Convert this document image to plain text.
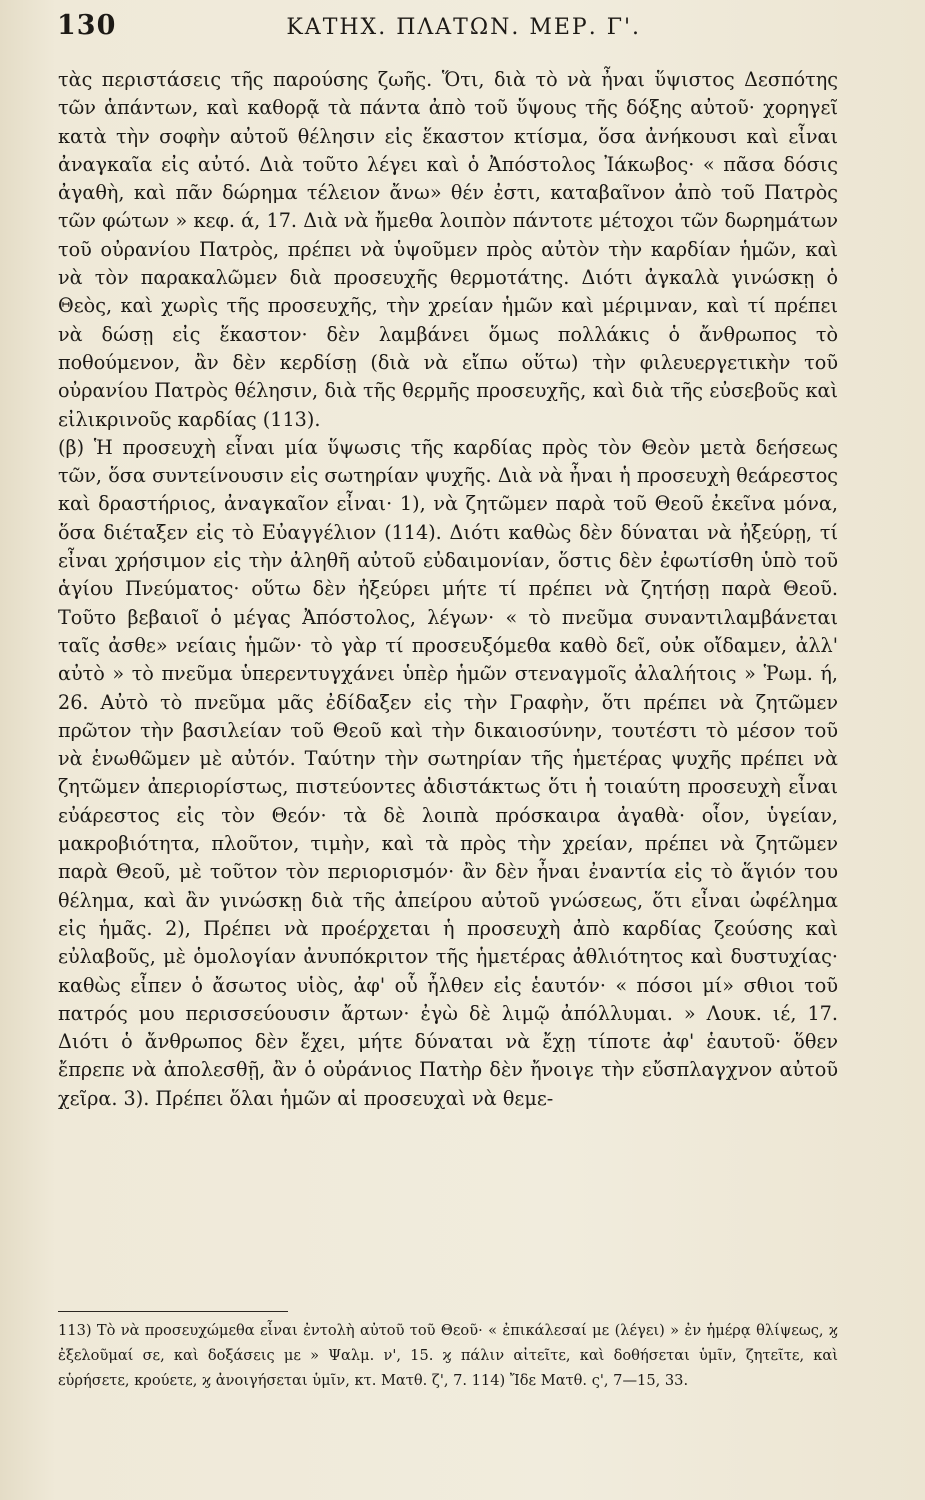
130	ΚΑΤΗΧ. ΠΛΑΤΩΝ. ΜΕΡ. Γ'.

τὰς περιστάσεις τῆς παρούσης ζωῆς. Ὅτι, διὰ τὸ νὰ ἦναι ὕψιστος Δεσπότης τῶν ἁπάντων, καὶ καθορᾷ τὰ πάντα ἀπὸ τοῦ ὕψους τῆς δόξης αὐτοῦ· χορηγεῖ κατὰ τὴν σοφὴν αὐτοῦ θέλησιν εἰς ἕκαστον κτίσμα, ὅσα ἀνήκουσι καὶ εἶναι ἀναγκαῖα εἰς αὐτό. Διὰ τοῦτο λέγει καὶ ὁ Ἀπόστολος Ἰάκωβος· « πᾶσα δόσις ἀγαθὴ, καὶ πᾶν δώρημα τέλειον ἄνω» θέν ἐστι, καταβαῖνον ἀπὸ τοῦ Πατρὸς τῶν φώτων » κεφ. ά, 17. Διὰ νὰ ἤμεθα λοιπὸν πάντοτε μέτοχοι τῶν δωρημάτων τοῦ οὐρανίου Πατρὸς, πρέπει νὰ ὑψοῦμεν πρὸς αὐτὸν τὴν καρδίαν ἡμῶν, καὶ νὰ τὸν παρακαλῶμεν διὰ προσευχῆς θερμοτάτης. Διότι ἀγκαλὰ γινώσκῃ ὁ Θεὸς, καὶ χωρὶς τῆς προσευχῆς, τὴν χρείαν ἡμῶν καὶ μέριμναν, καὶ τί πρέπει νὰ δώσῃ εἰς ἕκαστον· δὲν λαμβάνει ὅμως πολλάκις ὁ ἄνθρωπος τὸ ποθούμενον, ἂν δὲν κερδίσῃ (διὰ νὰ εἴπω οὕτω) τὴν φιλευεργετικὴν τοῦ οὐρανίου Πατρὸς θέλησιν, διὰ τῆς θερμῆς προσευχῆς, καὶ διὰ τῆς εὐσεβοῦς καὶ εἰλικρινοῦς καρδίας (113).

(β) Ἡ προσευχὴ εἶναι μία ὕψωσις τῆς καρδίας πρὸς τὸν Θεὸν μετὰ δεήσεως τῶν, ὅσα συντείνουσιν εἰς σωτηρίαν ψυχῆς. Διὰ νὰ ἦναι ἡ προσευχὴ θεάρεστος καὶ δραστήριος, ἀναγκαῖον εἶναι· 1), νὰ ζητῶμεν παρὰ τοῦ Θεοῦ ἐκεῖνα μόνα, ὅσα διέταξεν εἰς τὸ Εὐαγγέλιον (114). Διότι καθὼς δὲν δύναται νὰ ἠξεύρῃ, τί εἶναι χρήσιμον εἰς τὴν ἀληθῆ αὐτοῦ εὐδαιμονίαν, ὅστις δὲν ἐφωτίσθη ὑπὸ τοῦ ἁγίου Πνεύματος· οὕτω δὲν ἠξεύρει μήτε τί πρέπει νὰ ζητήσῃ παρὰ Θεοῦ. Τοῦτο βεβαιοῖ ὁ μέγας Ἀπόστολος, λέγων· « τὸ πνεῦμα συναντιλαμβάνεται ταῖς ἀσθε» νείαις ἡμῶν· τὸ γὰρ τί προσευξόμεθα καθὸ δεῖ, οὐκ οἴδαμεν, ἀλλ' αὐτὸ » τὸ πνεῦμα ὑπερεντυγχάνει ὑπὲρ ἡμῶν στεναγμοῖς ἀλαλήτοις » Ῥωμ. ή, 26. Αὐτὸ τὸ πνεῦμα μᾶς ἐδίδαξεν εἰς τὴν Γραφὴν, ὅτι πρέπει νὰ ζητῶμεν πρῶτον τὴν βασιλείαν τοῦ Θεοῦ καὶ τὴν δικαιοσύνην, τουτέστι τὸ μέσον τοῦ νὰ ἑνωθῶμεν μὲ αὐτόν. Ταύτην τὴν σωτηρίαν τῆς ἡμετέρας ψυχῆς πρέπει νὰ ζητῶμεν ἀπεριορίστως, πιστεύοντες ἀδιστάκτως ὅτι ἡ τοιαύτη προσευχὴ εἶναι εὐάρεστος εἰς τὸν Θεόν· τὰ δὲ λοιπὰ πρόσκαιρα ἀγαθὰ· οἷον, ὑγείαν, μακροβιότητα, πλοῦτον, τιμὴν, καὶ τὰ πρὸς τὴν χρείαν, πρέπει νὰ ζητῶμεν παρὰ Θεοῦ, μὲ τοῦτον τὸν περιορισμόν· ἂν δὲν ἦναι ἐναντία εἰς τὸ ἅγιόν του θέλημα, καὶ ἂν γινώσκῃ διὰ τῆς ἀπείρου αὐτοῦ γνώσεως, ὅτι εἶναι ὠφέλημα εἰς ἡμᾶς. 2), Πρέπει νὰ προέρχεται ἡ προσευχὴ ἀπὸ καρδίας ζεούσης καὶ εὐλαβοῦς, μὲ ὁμολογίαν ἀνυπόκριτον τῆς ἡμετέρας ἀθλιότητος καὶ δυστυχίας· καθὼς εἶπεν ὁ ἄσωτος υἱὸς, ἀφ' οὗ ἦλθεν εἰς ἑαυτόν· « πόσοι μί» σθιοι τοῦ πατρός μου περισσεύουσιν ἄρτων· ἐγὼ δὲ λιμῷ ἀπόλλυμαι. » Λουκ. ιέ, 17. Διότι ὁ ἄνθρωπος δὲν ἔχει, μήτε δύναται νὰ ἔχῃ τίποτε ἀφ' ἑαυτοῦ· ὅθεν ἔπρεπε νὰ ἀπολεσθῇ, ἂν ὁ οὐράνιος Πατὴρ δὲν ἤνοιγε τὴν εὔσπλαγχνον αὐτοῦ χεῖρα. 3). Πρέπει ὅλαι ἡμῶν αἱ προσευχαὶ νὰ θεμε-

113) Τὸ νὰ προσευχώμεθα εἶναι ἐντολὴ αὐτοῦ τοῦ Θεοῦ· « ἐπικάλεσαί με (λέγει) » ἐν ἡμέρᾳ θλίψεως, ϗ ἐξελοῦμαί σε, καὶ δοξάσεις με » Ψαλμ. ν', 15. ϗ πάλιν αἰτεῖτε, καὶ δοθήσεται ὑμῖν, ζητεῖτε, καὶ εὑρήσετε, κρούετε, ϗ ἀνοιγήσεται ὑμῖν, κτ. Ματθ. ζ', 7. 114) Ἴδε Ματθ. ς', 7—15, 33.
